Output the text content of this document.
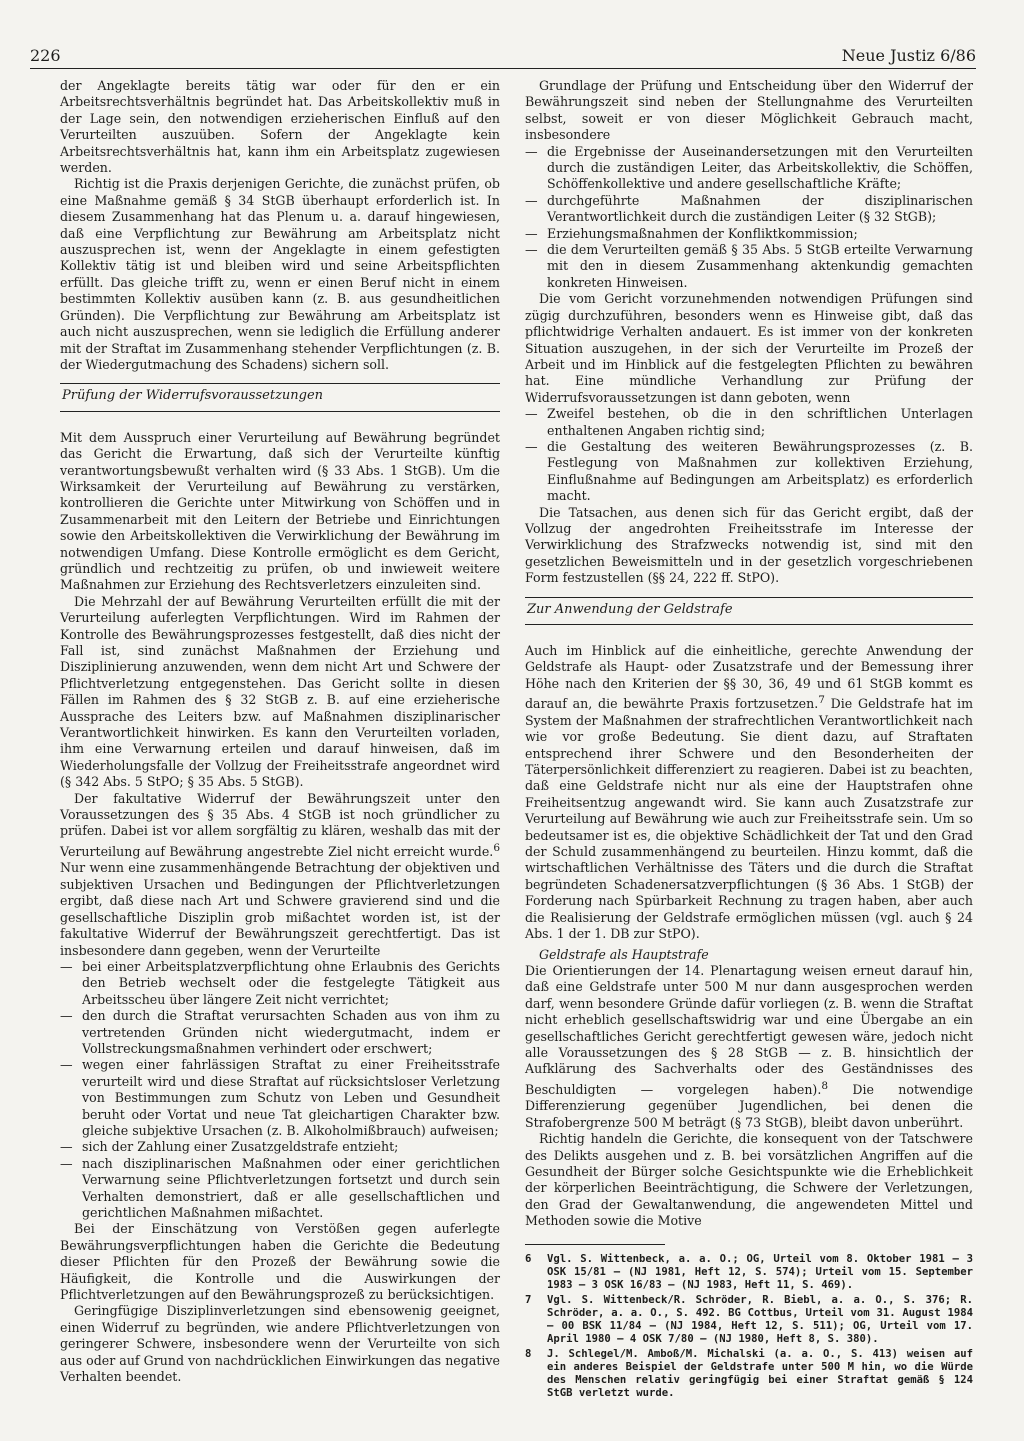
226	Neue Justiz 6/86

der Angeklagte bereits tätig war oder für den er ein Arbeitsrechtsverhältnis begründet hat. Das Arbeitskollektiv muß in der Lage sein, den notwendigen erzieherischen Einfluß auf den Verurteilten auszuüben. Sofern der Angeklagte kein Arbeitsrechtsverhältnis hat, kann ihm ein Arbeitsplatz zugewiesen werden.

Richtig ist die Praxis derjenigen Gerichte, die zunächst prüfen, ob eine Maßnahme gemäß § 34 StGB überhaupt erforderlich ist. In diesem Zusammenhang hat das Plenum u. a. darauf hingewiesen, daß eine Verpflichtung zur Bewährung am Arbeitsplatz nicht auszusprechen ist, wenn der Angeklagte in einem gefestigten Kollektiv tätig ist und bleiben wird und seine Arbeitspflichten erfüllt. Das gleiche trifft zu, wenn er einen Beruf nicht in einem bestimmten Kollektiv ausüben kann (z. B. aus gesundheitlichen Gründen). Die Verpflichtung zur Bewährung am Arbeitsplatz ist auch nicht auszusprechen, wenn sie lediglich die Erfüllung anderer mit der Straftat im Zusammenhang stehender Verpflichtungen (z. B. der Wiedergutmachung des Schadens) sichern soll.

Prüfung der Widerrufsvoraussetzungen

Mit dem Ausspruch einer Verurteilung auf Bewährung begründet das Gericht die Erwartung, daß sich der Verurteilte künftig verantwortungsbewußt verhalten wird (§ 33 Abs. 1 StGB). Um die Wirksamkeit der Verurteilung auf Bewährung zu verstärken, kontrollieren die Gerichte unter Mitwirkung von Schöffen und in Zusammenarbeit mit den Leitern der Betriebe und Einrichtungen sowie den Arbeitskollektiven die Verwirklichung der Bewährung im notwendigen Umfang. Diese Kontrolle ermöglicht es dem Gericht, gründlich und rechtzeitig zu prüfen, ob und inwieweit weitere Maßnahmen zur Erziehung des Rechtsverletzers einzuleiten sind.

Die Mehrzahl der auf Bewährung Verurteilten erfüllt die mit der Verurteilung auferlegten Verpflichtungen. Wird im Rahmen der Kontrolle des Bewährungsprozesses festgestellt, daß dies nicht der Fall ist, sind zunächst Maßnahmen der Erziehung und Disziplinierung anzuwenden, wenn dem nicht Art und Schwere der Pflichtverletzung entgegenstehen. Das Gericht sollte in diesen Fällen im Rahmen des § 32 StGB z. B. auf eine erzieherische Aussprache des Leiters bzw. auf Maßnahmen disziplinarischer Verantwortlichkeit hinwirken. Es kann den Verurteilten vorladen, ihm eine Verwarnung erteilen und darauf hinweisen, daß im Wiederholungsfalle der Vollzug der Freiheitsstrafe angeordnet wird (§ 342 Abs. 5 StPO; § 35 Abs. 5 StGB).

Der fakultative Widerruf der Bewährungszeit unter den Voraussetzungen des § 35 Abs. 4 StGB ist noch gründlicher zu prüfen. Dabei ist vor allem sorgfältig zu klären, weshalb das mit der Verurteilung auf Bewährung angestrebte Ziel nicht erreicht wurde.$^6$ Nur wenn eine zusammenhängende Betrachtung der objektiven und subjektiven Ursachen und Bedingungen der Pflichtverletzungen ergibt, daß diese nach Art und Schwere gravierend sind und die gesellschaftliche Disziplin grob mißachtet worden ist, ist der fakultative Widerruf der Bewährungszeit gerechtfertigt. Das ist insbesondere dann gegeben, wenn der Verurteilte

— bei einer Arbeitsplatzverpflichtung ohne Erlaubnis des Gerichts den Betrieb wechselt oder die festgelegte Tätigkeit aus Arbeitsscheu über längere Zeit nicht verrichtet;
— den durch die Straftat verursachten Schaden aus von ihm zu vertretenden Gründen nicht wiedergutmacht, indem er Vollstreckungsmaßnahmen verhindert oder erschwert;
— wegen einer fahrlässigen Straftat zu einer Freiheitsstrafe verurteilt wird und diese Straftat auf rücksichtsloser Verletzung von Bestimmungen zum Schutz von Leben und Gesundheit beruht oder Vortat und neue Tat gleichartigen Charakter bzw. gleiche subjektive Ursachen (z. B. Alkoholmißbrauch) aufweisen;
— sich der Zahlung einer Zusatzgeldstrafe entzieht;
— nach disziplinarischen Maßnahmen oder einer gerichtlichen Verwarnung seine Pflichtverletzungen fortsetzt und durch sein Verhalten demonstriert, daß er alle gesellschaftlichen und gerichtlichen Maßnahmen mißachtet.

Bei der Einschätzung von Verstößen gegen auferlegte Bewährungsverpflichtungen haben die Gerichte die Bedeutung dieser Pflichten für den Prozeß der Bewährung sowie die Häufigkeit, die Kontrolle und die Auswirkungen der Pflichtverletzungen auf den Bewährungsprozeß zu berücksichtigen.

Geringfügige Disziplinverletzungen sind ebensowenig geeignet, einen Widerruf zu begründen, wie andere Pflichtverletzungen von geringerer Schwere, insbesondere wenn der Verurteilte von sich aus oder auf Grund von nachdrücklichen Einwirkungen das negative Verhalten beendet.

Grundlage der Prüfung und Entscheidung über den Widerruf der Bewährungszeit sind neben der Stellungnahme des Verurteilten selbst, soweit er von dieser Möglichkeit Gebrauch macht, insbesondere

— die Ergebnisse der Auseinandersetzungen mit den Verurteilten durch die zuständigen Leiter, das Arbeitskollektiv, die Schöffen, Schöffenkollektive und andere gesellschaftliche Kräfte;
— durchgeführte Maßnahmen der disziplinarischen Verantwortlichkeit durch die zuständigen Leiter (§ 32 StGB);
— Erziehungsmaßnahmen der Konfliktkommission;
— die dem Verurteilten gemäß § 35 Abs. 5 StGB erteilte Verwarnung mit den in diesem Zusammenhang aktenkundig gemachten konkreten Hinweisen.

Die vom Gericht vorzunehmenden notwendigen Prüfungen sind zügig durchzuführen, besonders wenn es Hinweise gibt, daß das pflichtwidrige Verhalten andauert. Es ist immer von der konkreten Situation auszugehen, in der sich der Verurteilte im Prozeß der Arbeit und im Hinblick auf die festgelegten Pflichten zu bewähren hat. Eine mündliche Verhandlung zur Prüfung der Widerrufsvoraussetzungen ist dann geboten, wenn

— Zweifel bestehen, ob die in den schriftlichen Unterlagen enthaltenen Angaben richtig sind;
— die Gestaltung des weiteren Bewährungsprozesses (z. B. Festlegung von Maßnahmen zur kollektiven Erziehung, Einflußnahme auf Bedingungen am Arbeitsplatz) es erforderlich macht.

Die Tatsachen, aus denen sich für das Gericht ergibt, daß der Vollzug der angedrohten Freiheitsstrafe im Interesse der Verwirklichung des Strafzwecks notwendig ist, sind mit den gesetzlichen Beweismitteln und in der gesetzlich vorgeschriebenen Form festzustellen (§§ 24, 222 ff. StPO).

Zur Anwendung der Geldstrafe

Auch im Hinblick auf die einheitliche, gerechte Anwendung der Geldstrafe als Haupt- oder Zusatzstrafe und der Bemessung ihrer Höhe nach den Kriterien der §§ 30, 36, 49 und 61 StGB kommt es darauf an, die bewährte Praxis fortzusetzen.$^7$ Die Geldstrafe hat im System der Maßnahmen der strafrechtlichen Verantwortlichkeit nach wie vor große Bedeutung. Sie dient dazu, auf Straftaten entsprechend ihrer Schwere und den Besonderheiten der Täterpersönlichkeit differenziert zu reagieren. Dabei ist zu beachten, daß eine Geldstrafe nicht nur als eine der Hauptstrafen ohne Freiheitsentzug angewandt wird. Sie kann auch Zusatzstrafe zur Verurteilung auf Bewährung wie auch zur Freiheitsstrafe sein. Um so bedeutsamer ist es, die objektive Schädlichkeit der Tat und den Grad der Schuld zusammenhängend zu beurteilen. Hinzu kommt, daß die wirtschaftlichen Verhältnisse des Täters und die durch die Straftat begründeten Schadenersatzverpflichtungen (§ 36 Abs. 1 StGB) der Forderung nach Spürbarkeit Rechnung zu tragen haben, aber auch die Realisierung der Geldstrafe ermöglichen müssen (vgl. auch § 24 Abs. 1 der 1. DB zur StPO).

Geldstrafe als Hauptstrafe

Die Orientierungen der 14. Plenartagung weisen erneut darauf hin, daß eine Geldstrafe unter 500 M nur dann ausgesprochen werden darf, wenn besondere Gründe dafür vorliegen (z. B. wenn die Straftat nicht erheblich gesellschaftswidrig war und eine Übergabe an ein gesellschaftliches Gericht gerechtfertigt gewesen wäre, jedoch nicht alle Voraussetzungen des § 28 StGB — z. B. hinsichtlich der Aufklärung des Sachverhalts oder des Geständnisses des Beschuldigten — vorgelegen haben).$^8$ Die notwendige Differenzierung gegenüber Jugendlichen, bei denen die Strafobergrenze 500 M beträgt (§ 73 StGB), bleibt davon unberührt.

Richtig handeln die Gerichte, die konsequent von der Tatschwere des Delikts ausgehen und z. B. bei vorsätzlichen Angriffen auf die Gesundheit der Bürger solche Gesichtspunkte wie die Erheblichkeit der körperlichen Beeinträchtigung, die Schwere der Verletzungen, den Grad der Gewaltanwendung, die angewendeten Mittel und Methoden sowie die Motive

6	Vgl. S. Wittenbeck, a. a. O.; OG, Urteil vom 8. Oktober 1981 — 3 OSK 15/81 — (NJ 1981, Heft 12, S. 574); Urteil vom 15. September 1983 — 3 OSK 16/83 — (NJ 1983, Heft 11, S. 469).
7	Vgl. S. Wittenbeck/R. Schröder, R. Biebl, a. a. O., S. 376; R. Schröder, a. a. O., S. 492. BG Cottbus, Urteil vom 31. August 1984 — 00 BSK 11/84 — (NJ 1984, Heft 12, S. 511); OG, Urteil vom 17. April 1980 — 4 OSK 7/80 — (NJ 1980, Heft 8, S. 380).
8	J. Schlegel/M. Amboß/M. Michalski (a. a. O., S. 413) weisen auf ein anderes Beispiel der Geldstrafe unter 500 M hin, wo die Würde des Menschen relativ geringfügig bei einer Straftat gemäß § 124 StGB verletzt wurde.
